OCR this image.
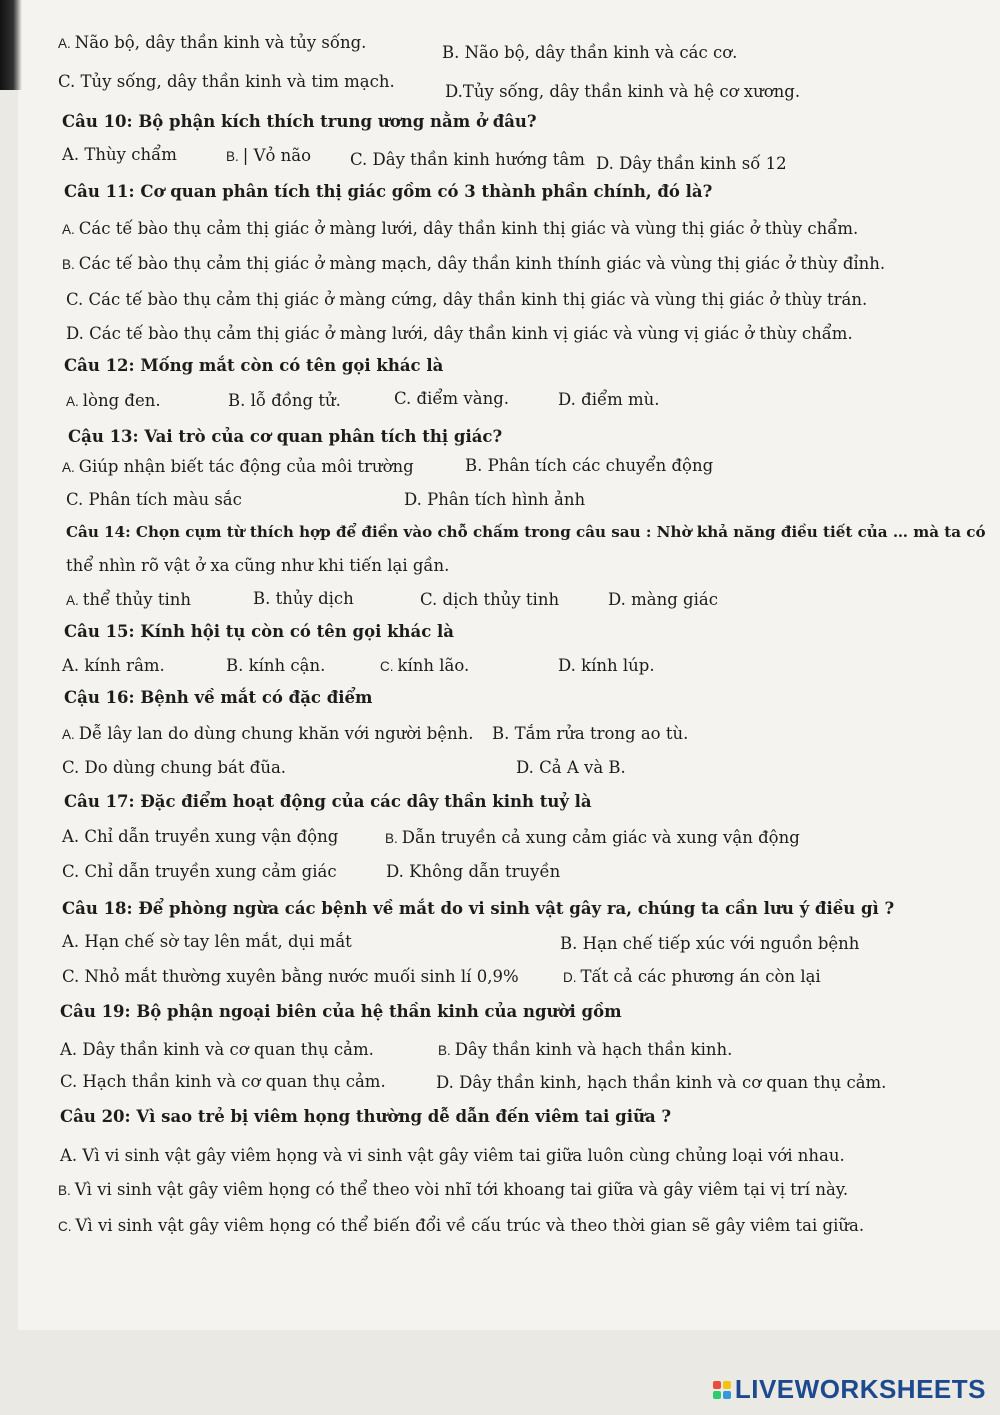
A. Não bộ, dây thần kinh và tủy sống.
B. Não bộ, dây thần kinh và các cơ.
C. Tủy sống, dây thần kinh và tim mạch.
D.Tủy sống, dây thần kinh và hệ cơ xương.
Câu 10: Bộ phận kích thích trung ương nằm ở đâu?
A. Thùy chẩm	B. | Vỏ não C. Dây thần kinh hướng tâm D. Dây thần kinh số 12
Câu 11: Cơ quan phân tích thị giác gồm có 3 thành phần chính, đó là?
A. Các tế bào thụ cảm thị giác ở màng lưới, dây thần kinh thị giác và vùng thị giác ở thùy chẩm.
B. Các tế bào thụ cảm thị giác ở màng mạch, dây thần kinh thính giác và vùng thị giác ở thùy đỉnh.
C. Các tế bào thụ cảm thị giác ở màng cứng, dây thần kinh thị giác và vùng thị giác ở thùy trán.
D. Các tế bào thụ cảm thị giác ở màng lưới, dây thần kinh vị giác và vùng vị giác ở thùy chẩm.
Câu 12: Mống mắt còn có tên gọi khác là
A. lòng đen.	B. lỗ đồng tử.	C. điểm vàng.	D. điểm mù.
Cậu 13: Vai trò của cơ quan phân tích thị giác?
A. Giúp nhận biết tác động của môi trường	B. Phân tích các chuyển động
C. Phân tích màu sắc	D. Phân tích hình ảnh
Câu 14: Chọn cụm từ thích hợp để điền vào chỗ chấm trong câu sau : Nhờ khả năng điều tiết của … mà ta có
thể nhìn rõ vật ở xa cũng như khi tiến lại gần.
A. thể thủy tinh	B. thủy dịch	C. dịch thủy tinh	D. màng giác
Câu 15: Kính hội tụ còn có tên gọi khác là
A. kính râm.	B. kính cận.	C. kính lão.	D. kính lúp.
Cậu 16: Bệnh về mắt có đặc điểm
A. Dễ lây lan do dùng chung khăn với người bệnh. B. Tắm rửa trong ao tù.
C. Do dùng chung bát đũa.	D. Cả A và B.
Câu 17: Đặc điểm hoạt động của các dây thần kinh tuỷ là
A. Chỉ dẫn truyền xung vận động	B. Dẫn truyền cả xung cảm giác và xung vận động
C. Chỉ dẫn truyền xung cảm giác	D. Không dẫn truyền
Câu 18: Để phòng ngừa các bệnh về mắt do vi sinh vật gây ra, chúng ta cần lưu ý điều gì ?
A. Hạn chế sờ tay lên mắt, dụi mắt	B. Hạn chế tiếp xúc với nguồn bệnh
C. Nhỏ mắt thường xuyên bằng nước muối sinh lí 0,9%	D. Tất cả các phương án còn lại
Câu 19: Bộ phận ngoại biên của hệ thần kinh của người gồm
A. Dây thần kinh và cơ quan thụ cảm.	B. Dây thần kinh và hạch thần kinh.
C. Hạch thần kinh và cơ quan thụ cảm.	D. Dây thần kinh, hạch thần kinh và cơ quan thụ cảm.
Câu 20: Vì sao trẻ bị viêm họng thường dễ dẫn đến viêm tai giữa ?
A. Vì vi sinh vật gây viêm họng và vi sinh vật gây viêm tai giữa luôn cùng chủng loại với nhau.
B. Vì vi sinh vật gây viêm họng có thể theo vòi nhĩ tới khoang tai giữa và gây viêm tại vị trí này.
C. Vì vi sinh vật gây viêm họng có thể biến đổi về cấu trúc và theo thời gian sẽ gây viêm tai giữa.
LIVEWORKSHEETS
